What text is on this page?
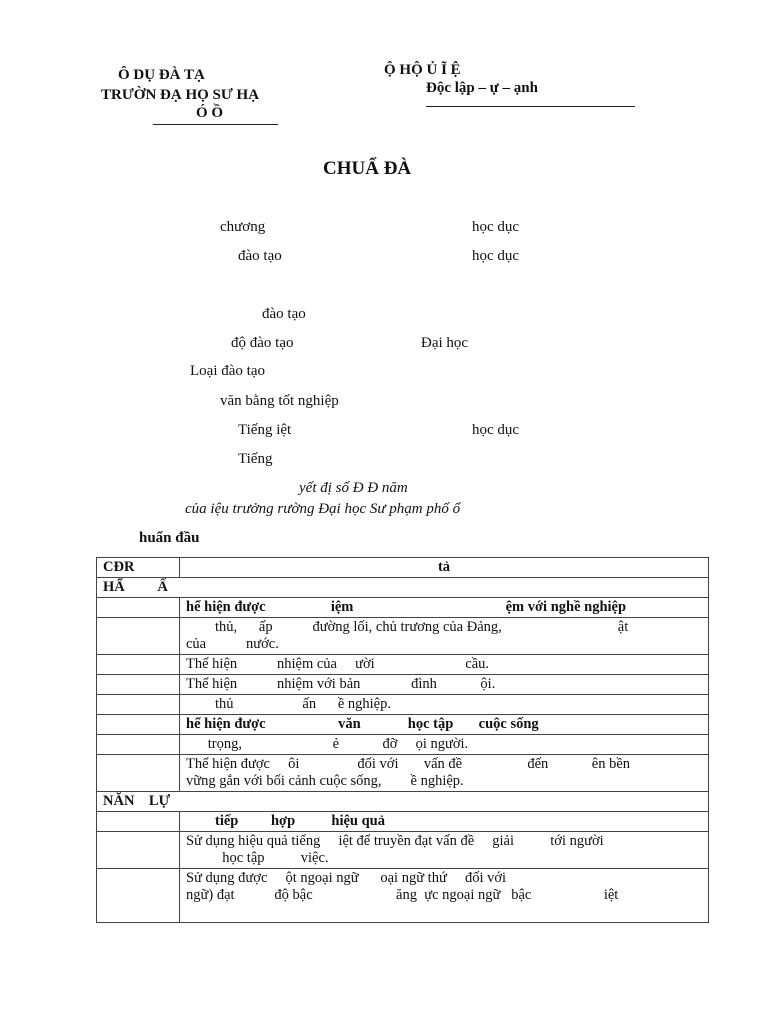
Ô DỤ ĐÀ TẠ
TRƯỜN ĐẠ HỌ SƯ HẠ
Ó Ồ
Ộ HỘ Ủ Ĩ Ệ
Độc lập – ự – ạnh
CHUẨ ĐÀ
chương	học dục
đào tạo	học dục
đào tạo
độ đào tạo	Đại học
Loại đào tạo
văn bằng tốt nghiệp
Tiếng iệt	học dục
Tiếng
yết đị số Đ Đ năm
của iệu trưởng rường Đại học Sư phạm phố ổ
huẩn đầu
CĐR	tả
HẨ         Ấ	
	hể hiện được                  iệm                                          ệm với nghề nghiệp
	thủ,      ấp           đường lối, chủ trương của Đảng,                                ật
của           nước.
	Thể hiện           nhiệm của     ười                         cầu.
	Thể hiện           nhiệm với bản              đình            ội.
	thủ                   ấn      ề nghiệp.
	hể hiện được                    văn             học tập       cuộc sống
	trọng,                         ẻ            đỡ     ọi người.
	Thể hiện được     ôi                đối với       vấn đề                  đến            ên bền
vững gắn với bối cảnh cuộc sống,        ề nghiệp.
NĂN    LỰ	
	tiếp         hợp          hiệu quả
	Sử dụng hiệu quả tiếng     iệt để truyền đạt vấn đề     giải          tới người
học tập          việc.
	Sử dụng được     ột ngoại ngữ      oại ngữ thứ     đối với
ngữ) đạt           độ bậc                       ăng  ực ngoại ngữ   bậc                    iệt
